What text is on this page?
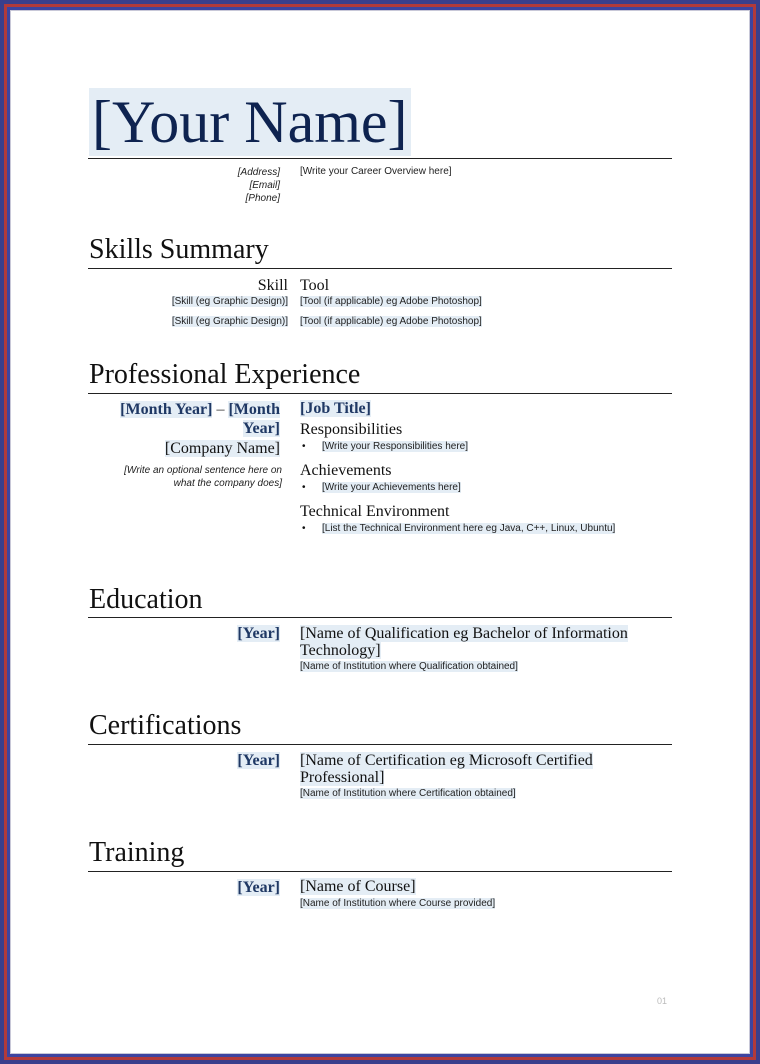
[Your Name]
[Address]
[Email]
[Phone]
[Write your Career Overview here]
Skills Summary
Skill Tool
[Skill (eg Graphic Design)] [Tool (if applicable) eg Adobe Photoshop]
[Skill (eg Graphic Design)] [Tool (if applicable) eg Adobe Photoshop]
Professional Experience
[Month Year] – [Month
Year]
[Company Name]
[Write an optional sentence here on
what the company does]
[Job Title]
Responsibilities
• [Write your Responsibilities here]
Achievements
• [Write your Achievements here]
Technical Environment
• [List the Technical Environment here eg Java, C++, Linux, Ubuntu]
Education
[Year] [Name of Qualification eg Bachelor of Information
Technology]
[Name of Institution where Qualification obtained]
Certifications
[Year] [Name of Certification eg Microsoft Certified
Professional]
[Name of Institution where Certification obtained]
Training
[Year] [Name of Course]
[Name of Institution where Course provided]
01
